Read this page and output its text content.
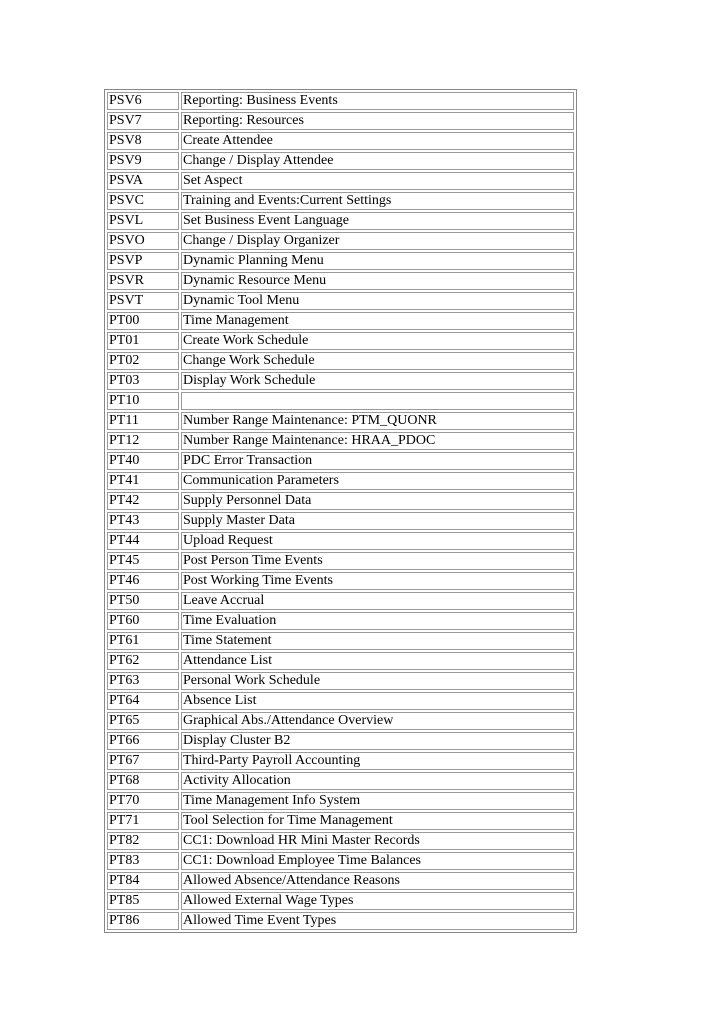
PSV6	Reporting: Business Events
PSV7	Reporting: Resources
PSV8	Create Attendee
PSV9	Change / Display Attendee
PSVA	Set Aspect
PSVC	Training and Events:Current Settings
PSVL	Set Business Event Language
PSVO	Change / Display Organizer
PSVP	Dynamic Planning Menu
PSVR	Dynamic Resource Menu
PSVT	Dynamic Tool Menu
PT00	Time Management
PT01	Create Work Schedule
PT02	Change Work Schedule
PT03	Display Work Schedule
PT10	
PT11	Number Range Maintenance: PTM_QUONR
PT12	Number Range Maintenance: HRAA_PDOC
PT40	PDC Error Transaction
PT41	Communication Parameters
PT42	Supply Personnel Data
PT43	Supply Master Data
PT44	Upload Request
PT45	Post Person Time Events
PT46	Post Working Time Events
PT50	Leave Accrual
PT60	Time Evaluation
PT61	Time Statement
PT62	Attendance List
PT63	Personal Work Schedule
PT64	Absence List
PT65	Graphical Abs./Attendance Overview
PT66	Display Cluster B2
PT67	Third-Party Payroll Accounting
PT68	Activity Allocation
PT70	Time Management Info System
PT71	Tool Selection for Time Management
PT82	CC1: Download HR Mini Master Records
PT83	CC1: Download Employee Time Balances
PT84	Allowed Absence/Attendance Reasons
PT85	Allowed External Wage Types
PT86	Allowed Time Event Types
